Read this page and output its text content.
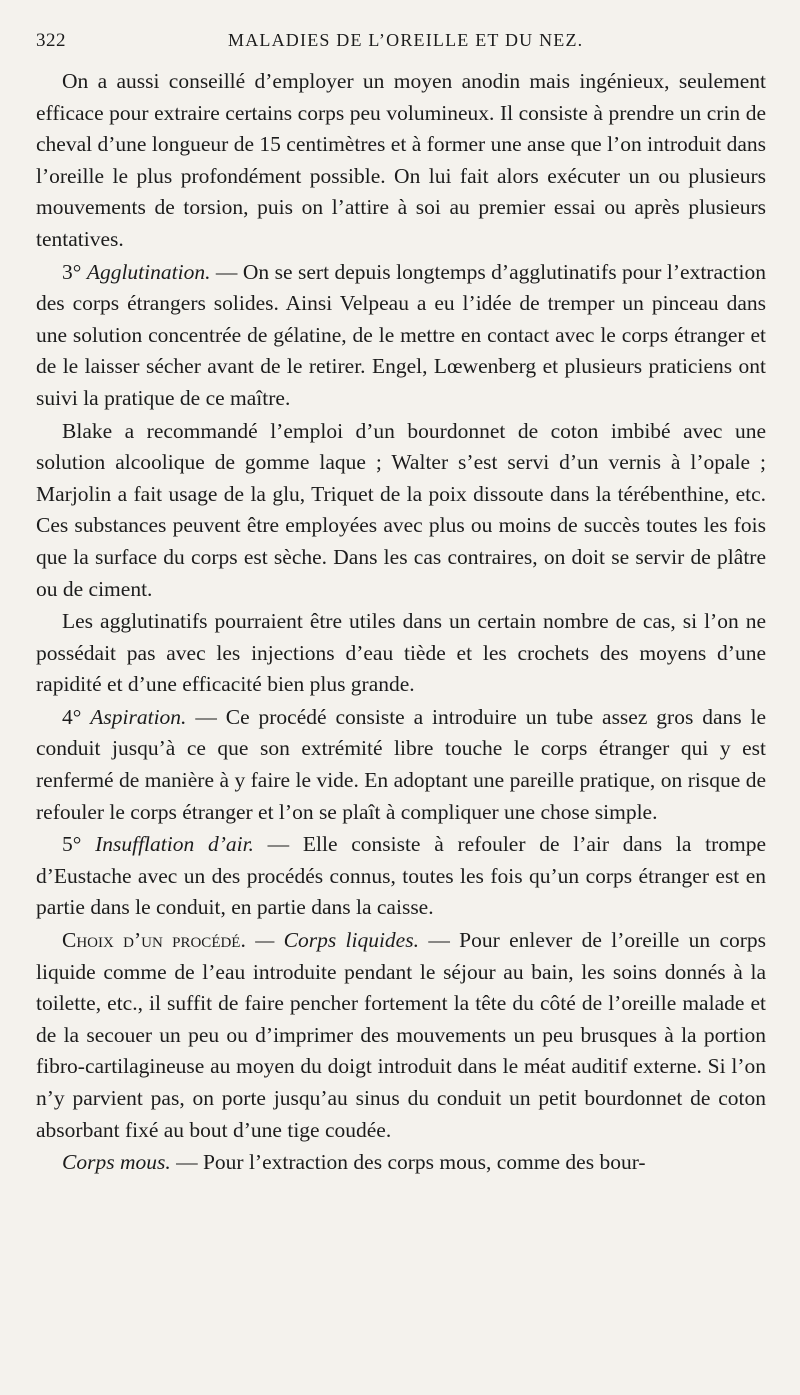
322	MALADIES DE L’OREILLE ET DU NEZ.

On a aussi conseillé d’employer un moyen anodin mais ingénieux, seulement efficace pour extraire certains corps peu volumineux. Il consiste à prendre un crin de cheval d’une longueur de 15 centimètres et à former une anse que l’on introduit dans l’oreille le plus profondément possible. On lui fait alors exécuter un ou plusieurs mouvements de torsion, puis on l’attire à soi au premier essai ou après plusieurs tentatives.

3° Agglutination. — On se sert depuis longtemps d’agglutinatifs pour l’extraction des corps étrangers solides. Ainsi Velpeau a eu l’idée de tremper un pinceau dans une solution concentrée de gélatine, de le mettre en contact avec le corps étranger et de le laisser sécher avant de le retirer. Engel, Lœwenberg et plusieurs praticiens ont suivi la pratique de ce maître.

Blake a recommandé l’emploi d’un bourdonnet de coton imbibé avec une solution alcoolique de gomme laque ; Walter s’est servi d’un vernis à l’opale ; Marjolin a fait usage de la glu, Triquet de la poix dissoute dans la térébenthine, etc. Ces substances peuvent être employées avec plus ou moins de succès toutes les fois que la surface du corps est sèche. Dans les cas contraires, on doit se servir de plâtre ou de ciment.

Les agglutinatifs pourraient être utiles dans un certain nombre de cas, si l’on ne possédait pas avec les injections d’eau tiède et les crochets des moyens d’une rapidité et d’une efficacité bien plus grande.

4° Aspiration. — Ce procédé consiste a introduire un tube assez gros dans le conduit jusqu’à ce que son extrémité libre touche le corps étranger qui y est renfermé de manière à y faire le vide. En adoptant une pareille pratique, on risque de refouler le corps étranger et l’on se plaît à compliquer une chose simple.

5° Insufflation d’air. — Elle consiste à refouler de l’air dans la trompe d’Eustache avec un des procédés connus, toutes les fois qu’un corps étranger est en partie dans le conduit, en partie dans la caisse.

Choix d’un procédé. — Corps liquides. — Pour enlever de l’oreille un corps liquide comme de l’eau introduite pendant le séjour au bain, les soins donnés à la toilette, etc., il suffit de faire pencher fortement la tête du côté de l’oreille malade et de la secouer un peu ou d’imprimer des mouvements un peu brusques à la portion fibro-cartilagineuse au moyen du doigt introduit dans le méat auditif externe. Si l’on n’y parvient pas, on porte jusqu’au sinus du conduit un petit bourdonnet de coton absorbant fixé au bout d’une tige coudée.

Corps mous. — Pour l’extraction des corps mous, comme des bour-
